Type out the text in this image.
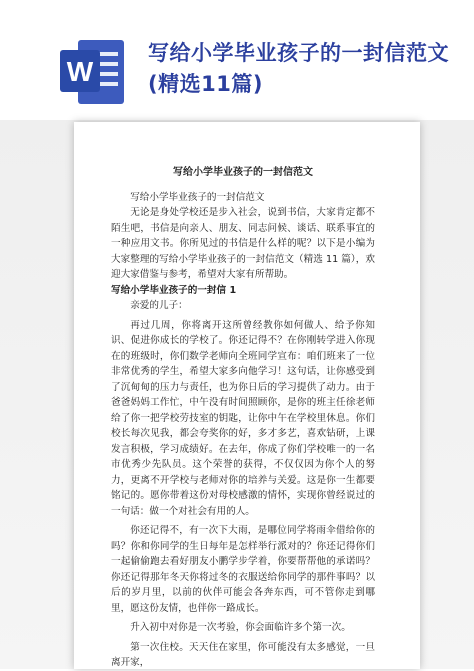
W
写给小学毕业孩子的一封信范文(精选11篇)
写给小学毕业孩子的一封信范文

写给小学毕业孩子的一封信范文

无论是身处学校还是步入社会，说到书信，大家肯定都不陌生吧，书信是向亲人、朋友、同志问候、谈话、联系事宜的一种应用文书。你所见过的书信是什么样的呢？以下是小编为大家整理的写给小学毕业孩子的一封信范文（精选 11 篇），欢迎大家借鉴与参考，希望对大家有所帮助。

写给小学毕业孩子的一封信 1

亲爱的儿子：

再过几周，你将离开这所曾经教你如何做人、给予你知识、促进你成长的学校了。你还记得不？在你刚转学进入你现在的班级时，你们数学老师向全班同学宣布：咱们班来了一位非常优秀的学生，希望大家多向他学习！这句话，让你感受到了沉甸甸的压力与责任，也为你日后的学习提供了动力。由于爸爸妈妈工作忙，中午没有时间照顾你，是你的班主任徐老师给了你一把学校劳技室的钥匙，让你中午在学校里休息。你们校长每次见我，都会夸奖你的好，多才多艺，喜欢钻研，上课发言积极，学习成绩好。在去年，你成了你们学校唯一的一名市优秀少先队员。这个荣誉的获得，不仅仅因为你个人的努力，更离不开学校与老师对你的培养与关爱。这是你一生都要铭记的。愿你带着这份对母校感激的情怀，实现你曾经说过的一句话：做一个对社会有用的人。

你还记得不，有一次下大雨，是哪位同学将雨伞借给你的吗？你和你同学的生日每年是怎样举行派对的？你还记得你们一起偷偷跑去看好朋友小鹏学步学着，你要帮帮他的承诺吗？你还记得那年冬天你将过冬的衣服送给你同学的那件事吗？以后的岁月里，以前的伙伴可能会各奔东西，可不管你走到哪里，愿这份友情，也伴你一路成长。

升入初中对你是一次考验，你会面临许多个第一次。

第一次住校。天天住在家里，你可能没有太多感觉，一旦离开家，
